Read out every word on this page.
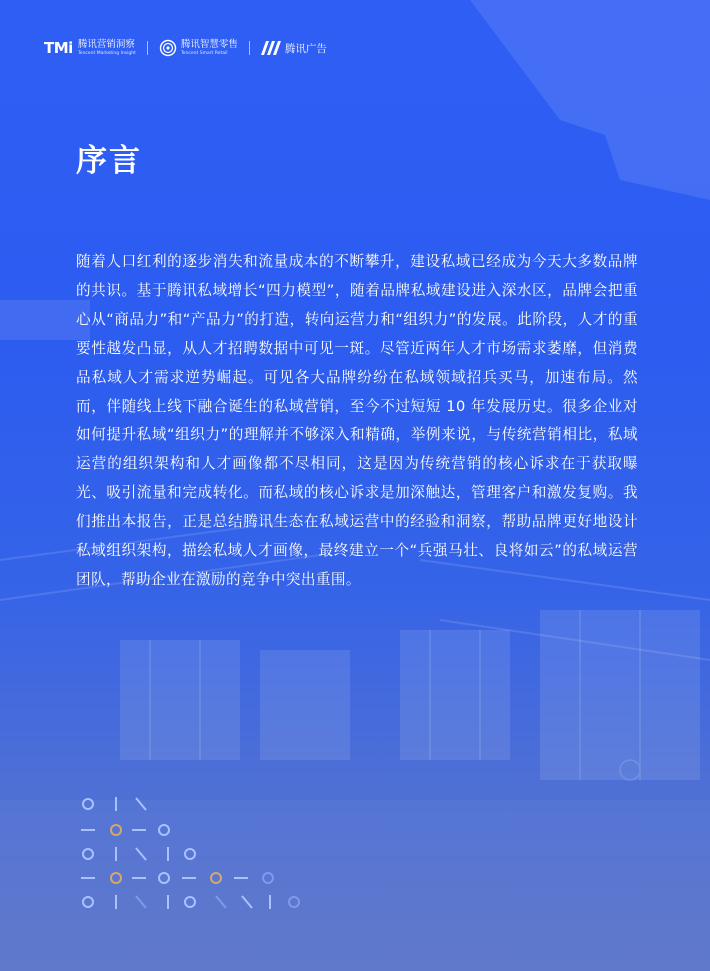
TMi 腾讯营销洞察
Tencent Marketing Insight
腾讯智慧零售
Tencent Smart Retail	腾讯广告
序言

随着人口红利的逐步消失和流量成本的不断攀升，建设私域已经成为今天大多数品牌的共识。基于腾讯私域增长“四力模型”，随着品牌私域建设进入深水区，品牌会把重心从“商品力”和“产品力”的打造，转向运营力和“组织力”的发展。此阶段，人才的重要性越发凸显，从人才招聘数据中可见一斑。尽管近两年人才市场需求萎靡，但消费品私域人才需求逆势崛起。可见各大品牌纷纷在私域领域招兵买马，加速布局。然而，伴随线上线下融合诞生的私域营销，至今不过短短 10 年发展历史。很多企业对如何提升私域“组织力”的理解并不够深入和精确，举例来说，与传统营销相比，私域运营的组织架构和人才画像都不尽相同，这是因为传统营销的核心诉求在于获取曝光、吸引流量和完成转化。而私域的核心诉求是加深触达，管理客户和激发复购。我们推出本报告，正是总结腾讯生态在私域运营中的经验和洞察，帮助品牌更好地设计私域组织架构，描绘私域人才画像，最终建立一个“兵强马壮、良将如云”的私域运营团队，帮助企业在激励的竞争中突出重围。
